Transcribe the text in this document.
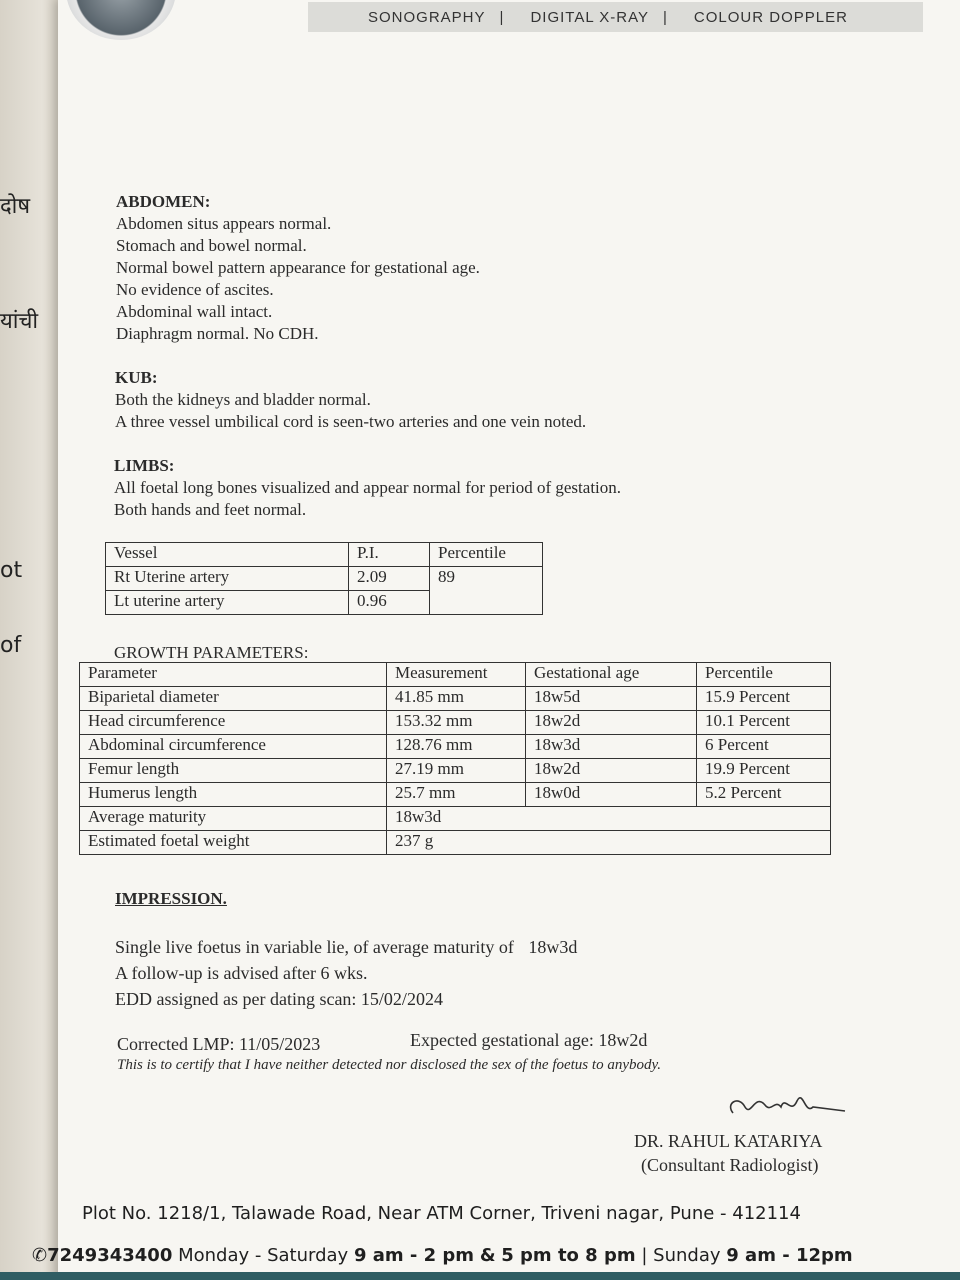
दोष
यांची
ot
of
SONOGRAPHY | DIGITAL X-RAY | COLOUR DOPPLER
ABDOMEN:
Abdomen situs appears normal.
Stomach and bowel normal.
Normal bowel pattern appearance for gestational age.
No evidence of ascites.
Abdominal wall intact.
Diaphragm normal. No CDH.
KUB:
Both the kidneys and bladder normal.
A three vessel umbilical cord is seen-two arteries and one vein noted.
LIMBS:
All foetal long bones visualized and appear normal for period of gestation.
Both hands and feet normal.
Vessel	P.I.	Percentile
Rt Uterine artery	2.09	89
Lt uterine artery	0.96	
GROWTH PARAMETERS:
Parameter	Measurement	Gestational age	Percentile
Biparietal diameter	41.85 mm	18w5d	15.9 Percent
Head circumference	153.32 mm	18w2d	10.1 Percent
Abdominal circumference	128.76 mm	18w3d	6 Percent
Femur length	27.19 mm	18w2d	19.9 Percent
Humerus length	25.7 mm	18w0d	5.2 Percent
Average maturity	18w3d		
Estimated foetal weight	237 g		
IMPRESSION.
Single live foetus in variable lie, of average maturity of 18w3d
A follow-up is advised after 6 wks.
EDD assigned as per dating scan: 15/02/2024
Corrected LMP: 11/05/2023	Expected gestational age: 18w2d
This is to certify that I have neither detected nor disclosed the sex of the foetus to anybody.
DR. RAHUL KATARIYA
(Consultant Radiologist)
Plot No. 1218/1, Talawade Road, Near ATM Corner, Triveni nagar, Pune - 412114
✆7249343400 Monday - Saturday 9 am - 2 pm & 5 pm to 8 pm | Sunday 9 am - 12pm
